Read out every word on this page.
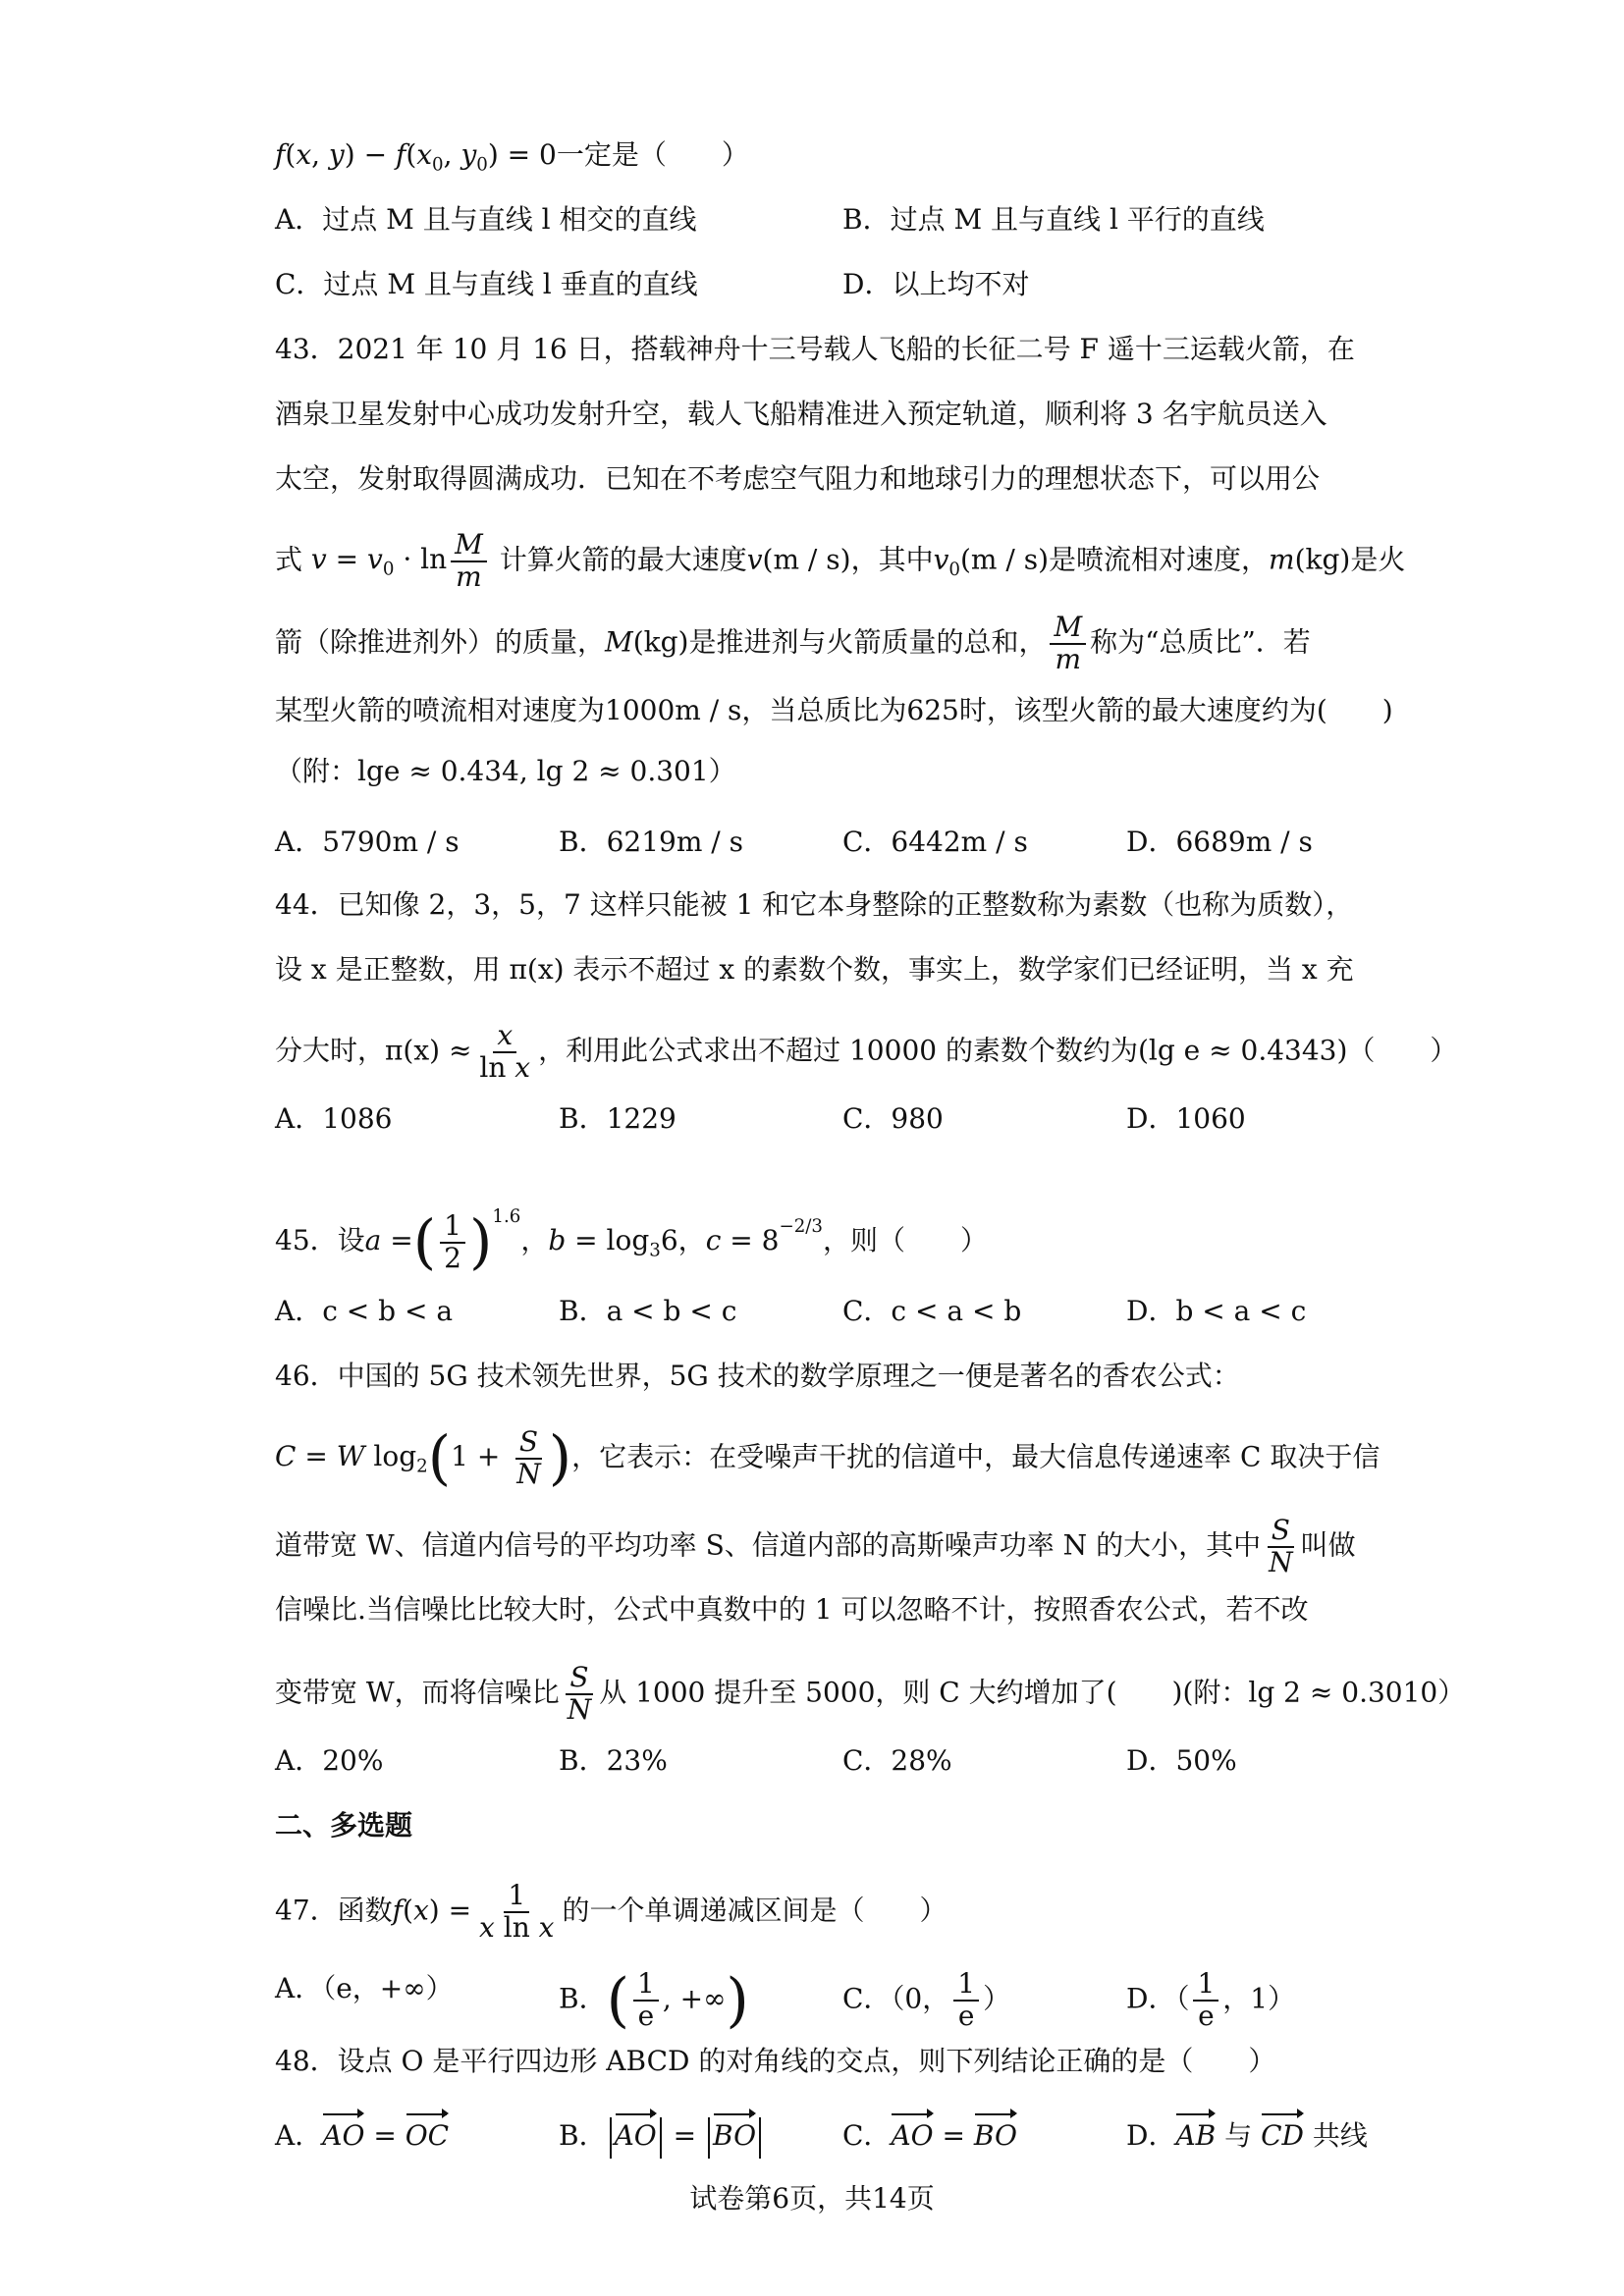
f(x, $y) - f(x_0$, $y_0) = 0$一定是（　　）
A．过点 M 且与直线 l 相交的直线	B．过点 M 且与直线 l 平行的直线
C．过点 M 且与直线 l 垂直的直线	D．以上均不对
43．2021 年 10 月 16 日，搭载神舟十三号载人飞船的长征二号 F 遥十三运载火箭，在
酒泉卫星发射中心成功发射升空，载人飞船精准进入预定轨道，顺利将 3 名宇航员送入
太空，发射取得圆满成功．已知在不考虑空气阻力和地球引力的理想状态下，可以用公
式 $v = v_0 \cdot \ln \frac{M}{m}$ 计算火箭的最大速度v(m / s)，其中$v_0(m / s)$是喷流相对速度，m(kg)是火
箭（除推进剂外）的质量，M(kg)是推进剂与火箭质量的总和， $\frac{M}{m}$ 称为“总质比”．若
某型火箭的喷流相对速度为1000m / s，当总质比为625时，该型火箭的最大速度约为(　　)
（附：lge ≈ 0.434, lg 2 ≈ 0.301）
A．5790m / s	B．6219m / s	C．6442m / s	D．6689m / s
44．已知像 2，3，5，7 这样只能被 1 和它本身整除的正整数称为素数（也称为质数），
设 x 是正整数，用 π(x) 表示不超过 x 的素数个数，事实上，数学家们已经证明，当 x 充
分大时，$\pi(x) \approx \frac{x}{\text{ln x}}$ ，利用此公式求出不超过 10000 的素数个数约为(lg e ≈ 0.4343)（　　）
A．1086	B．1229	C．980	D．1060
45．设a =( $\frac{1}{2} )^{1.6}$，$b = \log_36$，$c = 8^{-2/3}$，则（　　）
A．c < b < a	B．a < b < c	C．c < a < b	D．b < a < c
46．中国的 5G 技术领先世界，5G 技术的数学原理之一便是著名的香农公式：
C = W $\log_2(1 + \frac{S}{N}$ )，它表示：在受噪声干扰的信道中，最大信息传递速率 C 取决于信
道带宽 W、信道内信号的平均功率 S、信道内部的高斯噪声功率 N 的大小，其中 $\frac{S}{N}$ 叫做
信噪比.当信噪比比较大时，公式中真数中的 1 可以忽略不计，按照香农公式，若不改
变带宽 W，而将信噪比 $\frac{S}{N}$ 从 1000 提升至 5000，则 C 大约增加了(　　)(附：lg 2 ≈ 0.3010）
A．20%	B．23%	C．28%	D．50%
二、多选题
47．函数$f(x) = \frac{1}{\text{x ln x}}$ 的一个单调递减区间是（　　）
A．（e，+∞）	B．( $\frac{1}{e}$ , +∞)	C．（0， $\frac{1}{e}$ ）	D．（ $\frac{1}{e}$ ，1）
48．设点 O 是平行四边形 ABCD 的对角线的交点，则下列结论正确的是（　　）
A．AO = OC	B． AO = BO	C．AO = BO	D．AB 与 CD 共线
试卷第6页，共14页
